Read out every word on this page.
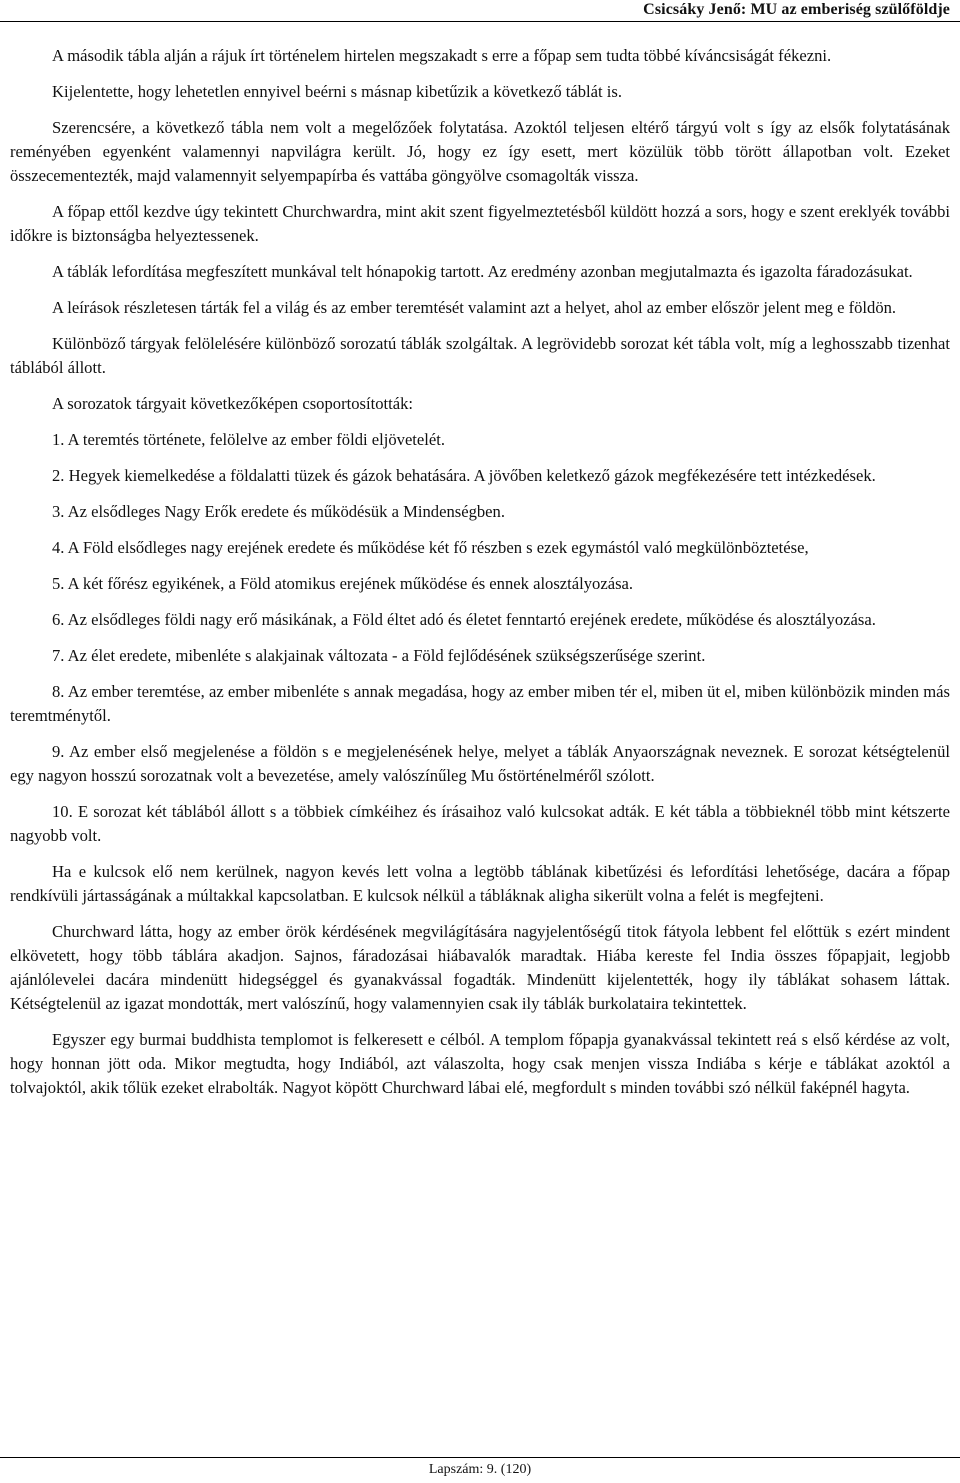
Csicsáky Jenő: MU az emberiség szülőföldje

A második tábla alján a rájuk írt történelem hirtelen megszakadt s erre a főpap sem tudta többé kíváncsiságát fékezni.

Kijelentette, hogy lehetetlen ennyivel beérni s másnap kibetűzik a következő táblát is.

Szerencsére, a következő tábla nem volt a megelőzőek folytatása. Azoktól teljesen eltérő tárgyú volt s így az elsők folytatásának reményében egyenként valamennyi napvilágra került. Jó, hogy ez így esett, mert közülük több törött állapotban volt. Ezeket összecementezték, majd valamennyit selyempapírba és vattába göngyölve csomagolták vissza.

A főpap ettől kezdve úgy tekintett Churchwardra, mint akit szent figyelmeztetésből küldött hozzá a sors, hogy e szent ereklyék további időkre is biztonságba helyeztessenek.

A táblák lefordítása megfeszített munkával telt hónapokig tartott. Az eredmény azonban megjutalmazta és igazolta fáradozásukat.

A leírások részletesen tárták fel a világ és az ember teremtését valamint azt a helyet, ahol az ember először jelent meg e földön.

Különböző tárgyak felölelésére különböző sorozatú táblák szolgáltak. A legrövidebb sorozat két tábla volt, míg a leghosszabb tizenhat táblából állott.

A sorozatok tárgyait következőképen csoportosították:

1. A teremtés története, felölelve az ember földi eljövetelét.

2. Hegyek kiemelkedése a földalatti tüzek és gázok behatására. A jövőben keletkező gázok megfékezésére tett intézkedések.

3. Az elsődleges Nagy Erők eredete és működésük a Mindenségben.

4. A Föld elsődleges nagy erejének eredete és működése két fő részben s ezek egymástól való megkülönböztetése,

5. A két főrész egyikének, a Föld atomikus erejének működése és ennek alosztályozása.

6. Az elsődleges földi nagy erő másikának, a Föld éltet adó és életet fenntartó erejének eredete, működése és alosztályozása.

7. Az élet eredete, mibenléte s alakjainak változata - a Föld fejlődésének szükségszerűsége szerint.

8. Az ember teremtése, az ember mibenléte s annak megadása, hogy az ember miben tér el, miben üt el, miben különbözik minden más teremtménytől.

9. Az ember első megjelenése a földön s e megjelenésének helye, melyet a táblák Anyaországnak neveznek. E sorozat kétségtelenül egy nagyon hosszú sorozatnak volt a bevezetése, amely valószínűleg Mu őstörténelméről szólott.

10. E sorozat két táblából állott s a többiek címkéihez és írásaihoz való kulcsokat adták. E két tábla a többieknél több mint kétszerte nagyobb volt.

Ha e kulcsok elő nem kerülnek, nagyon kevés lett volna a legtöbb táblának kibetűzési és lefordítási lehetősége, dacára a főpap rendkívüli jártasságának a múltakkal kapcsolatban. E kulcsok nélkül a tábláknak aligha sikerült volna a felét is megfejteni.

Churchward látta, hogy az ember örök kérdésének megvilágítására nagyjelentőségű titok fátyola lebbent fel előttük s ezért mindent elkövetett, hogy több táblára akadjon. Sajnos, fáradozásai hiábavalók maradtak. Hiába kereste fel India összes főpapjait, legjobb ajánlólevelei dacára mindenütt hidegséggel és gyanakvással fogadták. Mindenütt kijelentették, hogy ily táblákat sohasem láttak. Kétségtelenül az igazat mondották, mert valószínű, hogy valamennyien csak ily táblák burkolataira tekintettek.

Egyszer egy burmai buddhista templomot is felkeresett e célból. A templom főpapja gyanakvással tekintett reá s első kérdése az volt, hogy honnan jött oda. Mikor megtudta, hogy Indiából, azt válaszolta, hogy csak menjen vissza Indiába s kérje e táblákat azoktól a tolvajoktól, akik tőlük ezeket elrabolták. Nagyot köpött Churchward lábai elé, megfordult s minden további szó nélkül faképnél hagyta.

Lapszám: 9. (120)
